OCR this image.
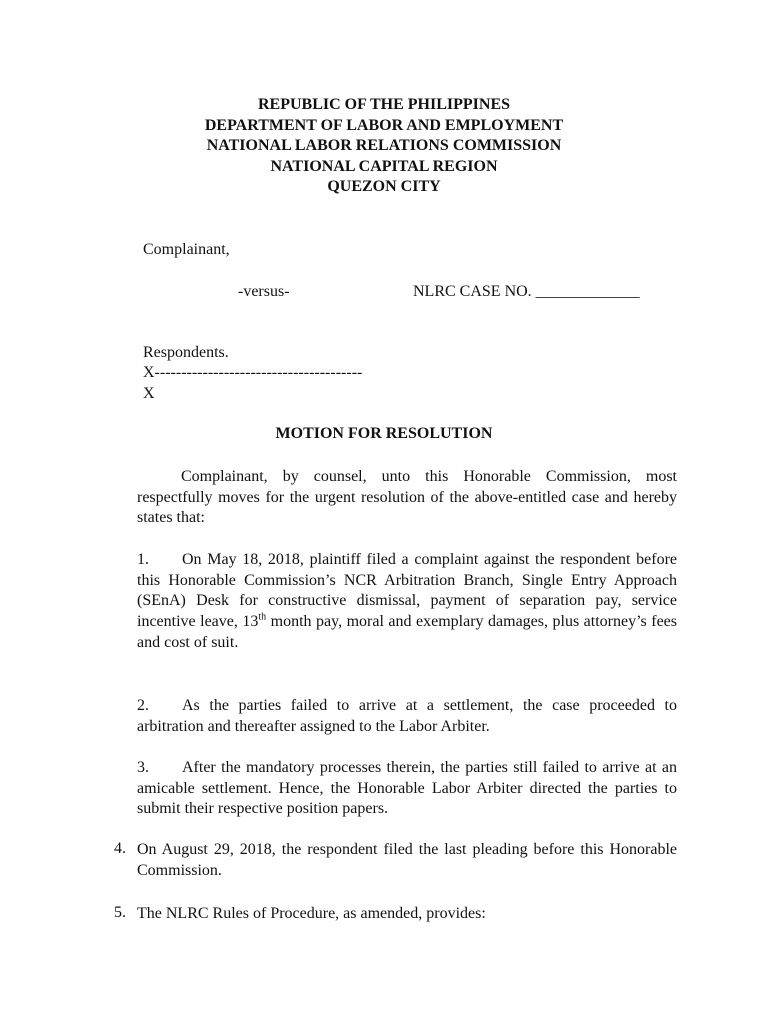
REPUBLIC OF THE PHILIPPINES
DEPARTMENT OF LABOR AND EMPLOYMENT
NATIONAL LABOR RELATIONS COMMISSION
NATIONAL CAPITAL REGION
QUEZON CITY
Complainant,
-versus-	NLRC CASE NO. _____________
Respondents.
X---------------------------------------
X
MOTION FOR RESOLUTION
Complainant, by counsel, unto this Honorable Commission, most respectfully moves for the urgent resolution of the above-entitled case and hereby states that:
1. On May 18, 2018, plaintiff filed a complaint against the respondent before this Honorable Commission’s NCR Arbitration Branch, Single Entry Approach (SEnA) Desk for constructive dismissal, payment of separation pay, service incentive leave, 13th month pay, moral and exemplary damages, plus attorney’s fees and cost of suit.
2. As the parties failed to arrive at a settlement, the case proceeded to arbitration and thereafter assigned to the Labor Arbiter.
3. After the mandatory processes therein, the parties still failed to arrive at an amicable settlement. Hence, the Honorable Labor Arbiter directed the parties to submit their respective position papers.
4. On August 29, 2018, the respondent filed the last pleading before this Honorable Commission.
5. The NLRC Rules of Procedure, as amended, provides:
